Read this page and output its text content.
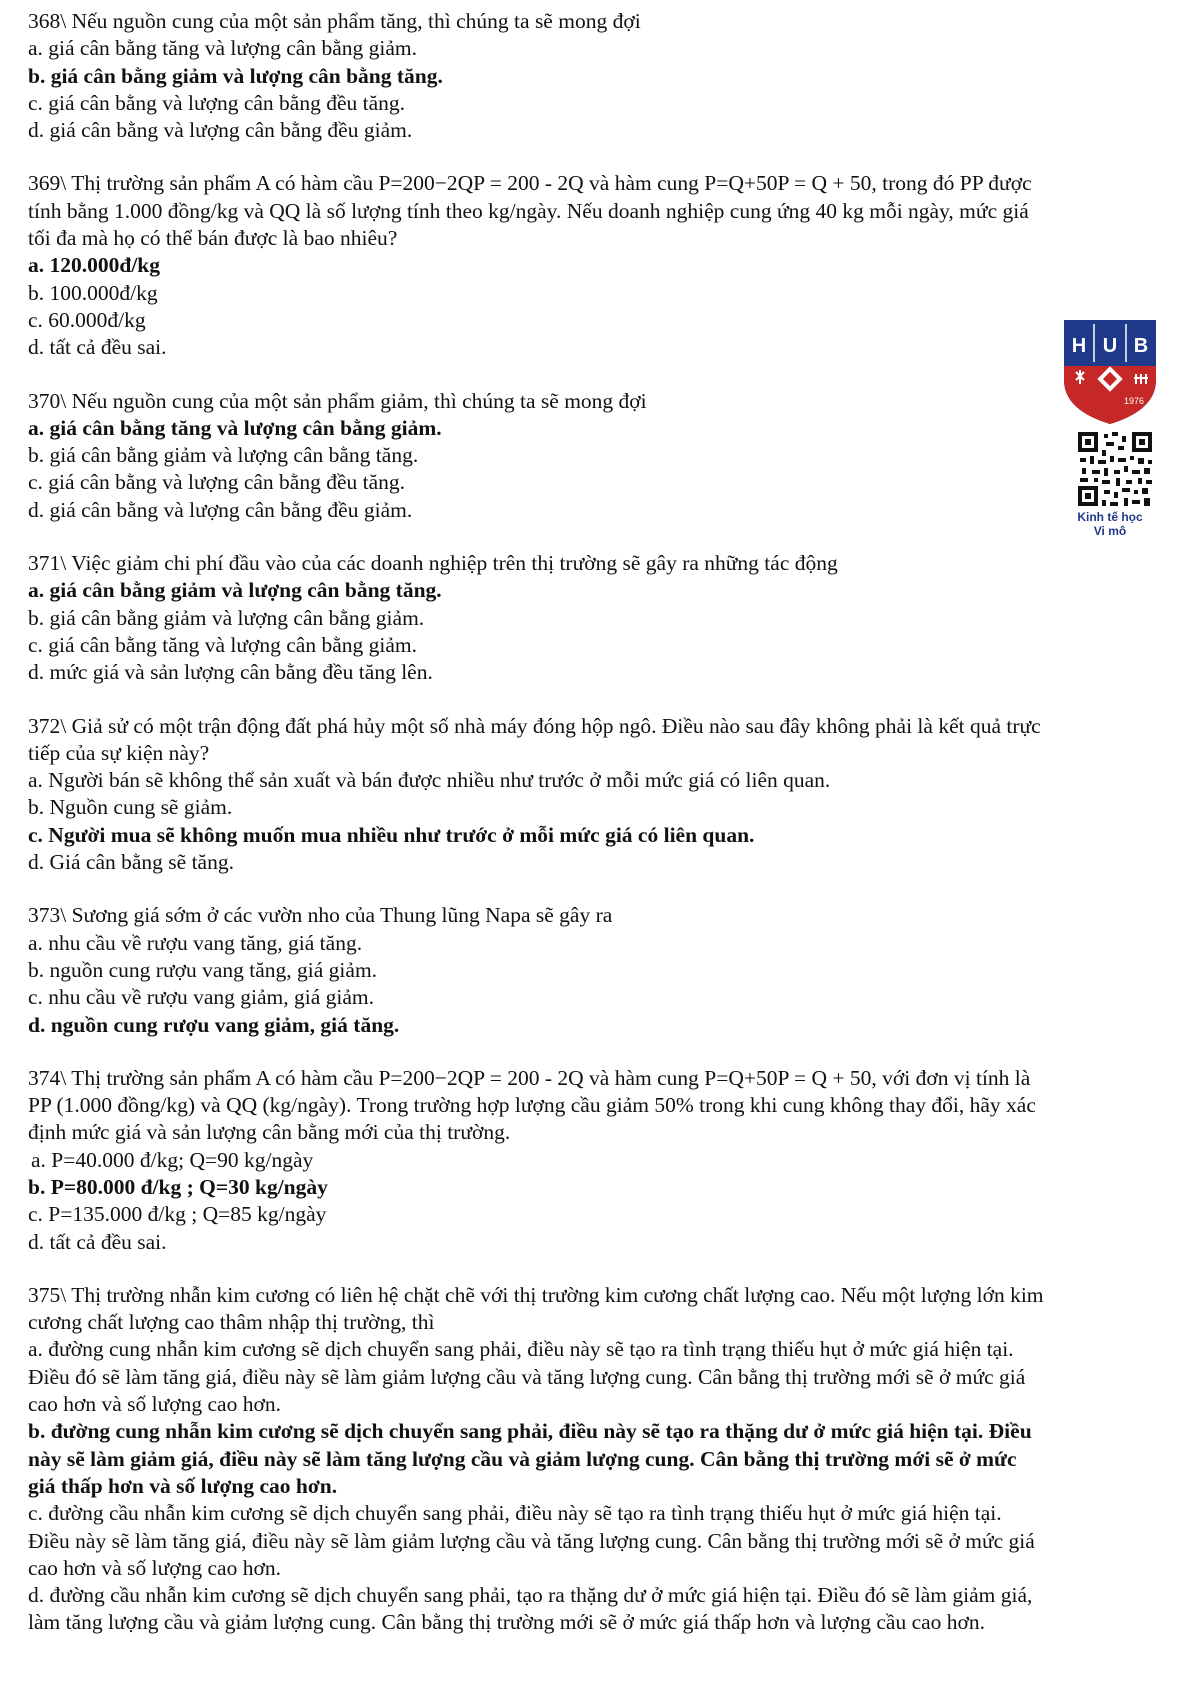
368\ Nếu nguồn cung của một sản phẩm tăng, thì chúng ta sẽ mong đợi

a. giá cân bằng tăng và lượng cân bằng giảm.

b. giá cân bằng giảm và lượng cân bằng tăng.

c. giá cân bằng và lượng cân bằng đều tăng.

d. giá cân bằng và lượng cân bằng đều giảm.

369\ Thị trường sản phẩm A có hàm cầu P=200−2QP = 200 - 2Q và hàm cung P=Q+50P = Q + 50, trong đó PP được

tính bằng 1.000 đồng/kg và QQ là số lượng tính theo kg/ngày. Nếu doanh nghiệp cung ứng 40 kg mỗi ngày, mức giá

tối đa mà họ có thể bán được là bao nhiêu?

a. 120.000đ/kg

b. 100.000đ/kg

c. 60.000đ/kg

d. tất cả đều sai.

370\ Nếu nguồn cung của một sản phẩm giảm, thì chúng ta sẽ mong đợi

a. giá cân bằng tăng và lượng cân bằng giảm.

b. giá cân bằng giảm và lượng cân bằng tăng.

c. giá cân bằng và lượng cân bằng đều tăng.

d. giá cân bằng và lượng cân bằng đều giảm.

371\ Việc giảm chi phí đầu vào của các doanh nghiệp trên thị trường sẽ gây ra những tác động

a. giá cân bằng giảm và lượng cân bằng tăng.

b. giá cân bằng giảm và lượng cân bằng giảm.

c. giá cân bằng tăng và lượng cân bằng giảm.

d. mức giá và sản lượng cân bằng đều tăng lên.

372\ Giả sử có một trận động đất phá hủy một số nhà máy đóng hộp ngô. Điều nào sau đây không phải là kết quả trực

tiếp của sự kiện này?

a. Người bán sẽ không thể sản xuất và bán được nhiều như trước ở mỗi mức giá có liên quan.

b. Nguồn cung sẽ giảm.

c. Người mua sẽ không muốn mua nhiều như trước ở mỗi mức giá có liên quan.

d. Giá cân bằng sẽ tăng.

373\ Sương giá sớm ở các vườn nho của Thung lũng Napa sẽ gây ra

a. nhu cầu về rượu vang tăng, giá tăng.

b. nguồn cung rượu vang tăng, giá giảm.

c. nhu cầu về rượu vang giảm, giá giảm.

d. nguồn cung rượu vang giảm, giá tăng.

374\ Thị trường sản phẩm A có hàm cầu P=200−2QP = 200 - 2Q và hàm cung P=Q+50P = Q + 50, với đơn vị tính là

PP (1.000 đồng/kg) và QQ (kg/ngày). Trong trường hợp lượng cầu giảm 50% trong khi cung không thay đổi, hãy xác

định mức giá và sản lượng cân bằng mới của thị trường.

a. P=40.000 đ/kg; Q=90 kg/ngày

b. P=80.000 đ/kg ; Q=30 kg/ngày

c. P=135.000 đ/kg ; Q=85 kg/ngày

d. tất cả đều sai.

375\ Thị trường nhẫn kim cương có liên hệ chặt chẽ với thị trường kim cương chất lượng cao. Nếu một lượng lớn kim

cương chất lượng cao thâm nhập thị trường, thì

a. đường cung nhẫn kim cương sẽ dịch chuyển sang phải, điều này sẽ tạo ra tình trạng thiếu hụt ở mức giá hiện tại.

Điều đó sẽ làm tăng giá, điều này sẽ làm giảm lượng cầu và tăng lượng cung. Cân bằng thị trường mới sẽ ở mức giá

cao hơn và số lượng cao hơn.

b. đường cung nhẫn kim cương sẽ dịch chuyển sang phải, điều này sẽ tạo ra thặng dư ở mức giá hiện tại. Điều

này sẽ làm giảm giá, điều này sẽ làm tăng lượng cầu và giảm lượng cung. Cân bằng thị trường mới sẽ ở mức

giá thấp hơn và số lượng cao hơn.

c. đường cầu nhẫn kim cương sẽ dịch chuyển sang phải, điều này sẽ tạo ra tình trạng thiếu hụt ở mức giá hiện tại.

Điều này sẽ làm tăng giá, điều này sẽ làm giảm lượng cầu và tăng lượng cung. Cân bằng thị trường mới sẽ ở mức giá

cao hơn và số lượng cao hơn.

d. đường cầu nhẫn kim cương sẽ dịch chuyển sang phải, tạo ra thặng dư ở mức giá hiện tại. Điều đó sẽ làm giảm giá,

làm tăng lượng cầu và giảm lượng cung. Cân bằng thị trường mới sẽ ở mức giá thấp hơn và lượng cầu cao hơn.

H U B
1976
Kinh tế học
Vi mô
